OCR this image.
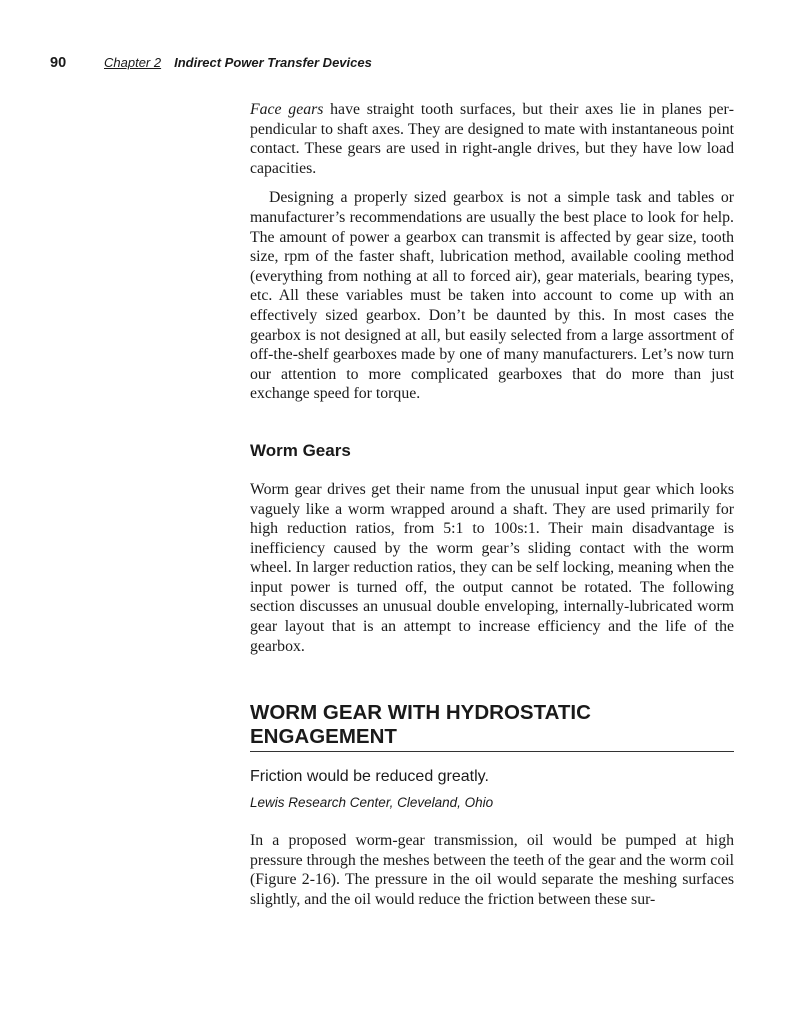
90	Chapter 2 Indirect Power Transfer Devices

Face gears have straight tooth surfaces, but their axes lie in planes perpendicular to shaft axes. They are designed to mate with instantaneous point contact. These gears are used in right-angle drives, but they have low load capacities.

Designing a properly sized gearbox is not a simple task and tables or manufacturer’s recommendations are usually the best place to look for help. The amount of power a gearbox can transmit is affected by gear size, tooth size, rpm of the faster shaft, lubrication method, available cooling method (everything from nothing at all to forced air), gear materials, bearing types, etc. All these variables must be taken into account to come up with an effectively sized gearbox. Don’t be daunted by this. In most cases the gearbox is not designed at all, but easily selected from a large assortment of off-the-shelf gearboxes made by one of many manufacturers. Let’s now turn our attention to more complicated gearboxes that do more than just exchange speed for torque.

Worm Gears

Worm gear drives get their name from the unusual input gear which looks vaguely like a worm wrapped around a shaft. They are used primarily for high reduction ratios, from 5:1 to 100s:1. Their main disadvantage is inefficiency caused by the worm gear’s sliding contact with the worm wheel. In larger reduction ratios, they can be self locking, meaning when the input power is turned off, the output cannot be rotated. The following section discusses an unusual double enveloping, internally-lubricated worm gear layout that is an attempt to increase efficiency and the life of the gearbox.

WORM GEAR WITH HYDROSTATIC
ENGAGEMENT

Friction would be reduced greatly.

Lewis Research Center, Cleveland, Ohio

In a proposed worm-gear transmission, oil would be pumped at high pressure through the meshes between the teeth of the gear and the worm coil (Figure 2-16). The pressure in the oil would separate the meshing surfaces slightly, and the oil would reduce the friction between these sur-
